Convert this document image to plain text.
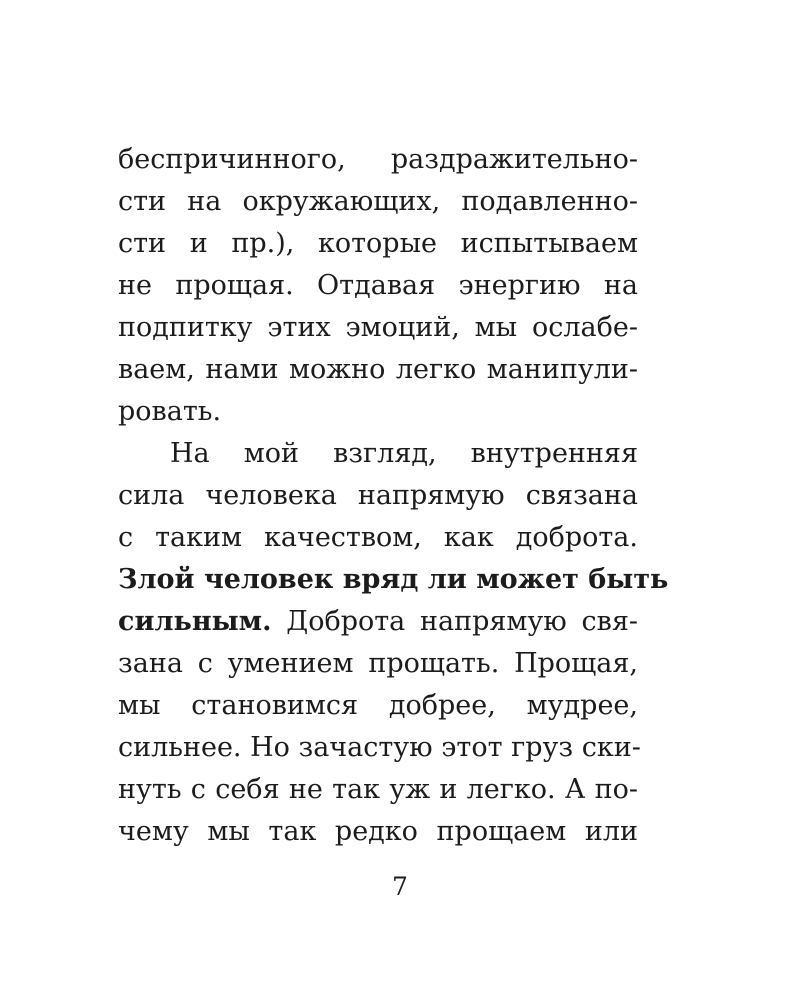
беспричинного, раздражительно-
сти на окружающих, подавленно-
сти и пр.), которые испытываем
не прощая. Отдавая энергию на
подпитку этих эмоций, мы ослабе-
ваем, нами можно легко манипули-
ровать.
На мой взгляд, внутренняя
сила человека напрямую связана
с таким качеством, как доброта.
Злой человек вряд ли может быть
сильным. Доброта напрямую свя-
зана с умением прощать. Прощая,
мы становимся добрее, мудрее,
сильнее. Но зачастую этот груз ски-
нуть с себя не так уж и легко. А по-
чему мы так редко прощаем или
7
